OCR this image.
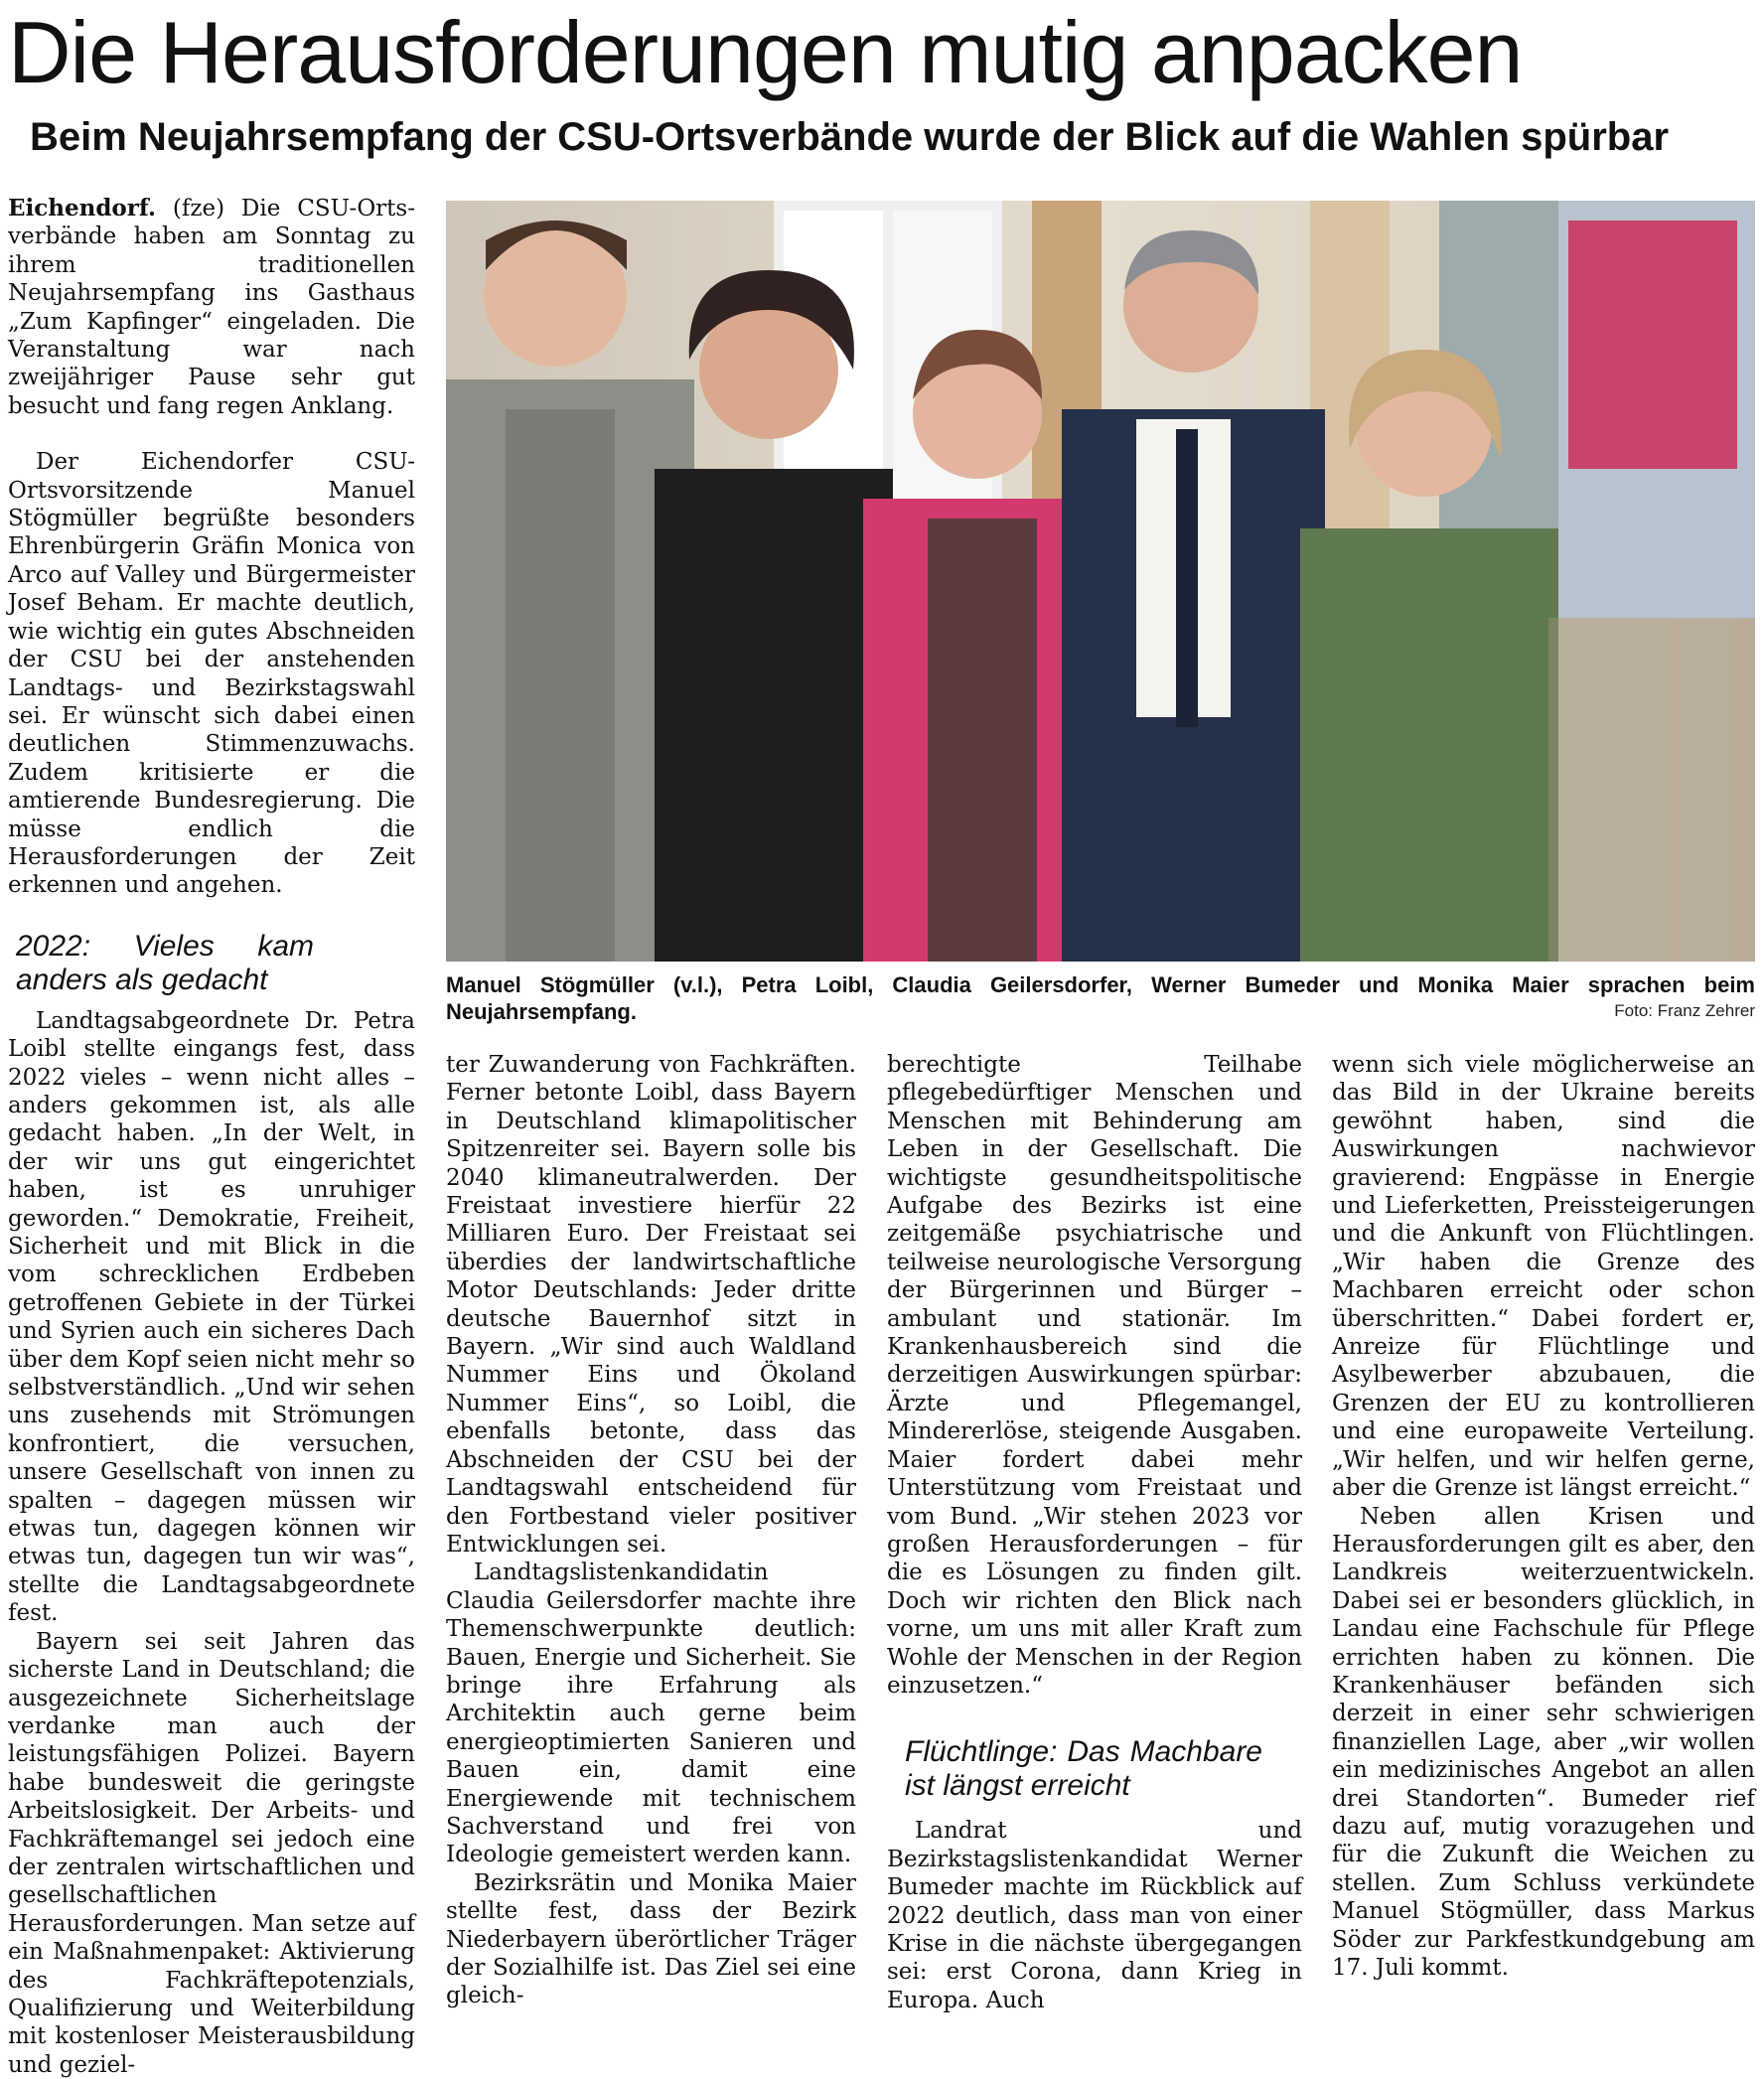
Die Herausforderungen mutig anpacken
Beim Neujahrsempfang der CSU-Ortsverbände wurde der Blick auf die Wahlen spürbar

Eichendorf. (fze) Die CSU-Ortsverbände haben am Sonntag zu ihrem traditionellen Neujahrsempfang ins Gasthaus „Zum Kapfinger“ eingeladen. Die Veranstaltung war nach zweijähriger Pause sehr gut besucht und fang regen Anklang.

Der Eichendorfer CSU-Ortsvorsitzende Manuel Stögmüller begrüßte besonders Ehrenbürgerin Gräfin Monica von Arco auf Valley und Bürgermeister Josef Beham. Er machte deutlich, wie wichtig ein gutes Abschneiden der CSU bei der anstehenden Landtags- und Bezirkstagswahl sei. Er wünscht sich dabei einen deutlichen Stimmenzuwachs. Zudem kritisierte er die amtierende Bundesregierung. Die müsse endlich die Herausforderungen der Zeit erkennen und angehen.

2022: Vieles kam anders als gedacht

Landtagsabgeordnete Dr. Petra Loibl stellte eingangs fest, dass 2022 vieles – wenn nicht alles – anders gekommen ist, als alle gedacht haben. „In der Welt, in der wir uns gut eingerichtet haben, ist es unruhiger geworden.“ Demokratie, Freiheit, Sicherheit und mit Blick in die vom schrecklichen Erdbeben getroffenen Gebiete in der Türkei und Syrien auch ein sicheres Dach über dem Kopf seien nicht mehr so selbstverständlich. „Und wir sehen uns zusehends mit Strömungen konfrontiert, die versuchen, unsere Gesellschaft von innen zu spalten – dagegen müssen wir etwas tun, dagegen können wir etwas tun, dagegen tun wir was“, stellte die Landtagsabgeordnete fest.

Bayern sei seit Jahren das sicherste Land in Deutschland; die ausgezeichnete Sicherheitslage verdanke man auch der leistungsfähigen Polizei. Bayern habe bundesweit die geringste Arbeitslosigkeit. Der Arbeits- und Fachkräftemangel sei jedoch eine der zentralen wirtschaftlichen und gesellschaftlichen Herausforderungen. Man setze auf ein Maßnahmenpaket: Aktivierung des Fachkräftepotenzials, Qualifizierung und Weiterbildung mit kostenloser Meisterausbildung und geziel-

Manuel Stögmüller (v.l.), Petra Loibl, Claudia Geilersdorfer, Werner Bumeder und Monika Maier sprachen beim Neujahrsempfang.	Foto: Franz Zehrer

ter Zuwanderung von Fachkräften. Ferner betonte Loibl, dass Bayern in Deutschland klimapolitischer Spitzenreiter sei. Bayern solle bis 2040 klimaneutralwerden. Der Freistaat investiere hierfür 22 Milliaren Euro. Der Freistaat sei überdies der landwirtschaftliche Motor Deutschlands: Jeder dritte deutsche Bauernhof sitzt in Bayern. „Wir sind auch Waldland Nummer Eins und Ökoland Nummer Eins“, so Loibl, die ebenfalls betonte, dass das Abschneiden der CSU bei der Landtagswahl entscheidend für den Fortbestand vieler positiver Entwicklungen sei.

Landtagslistenkandidatin Claudia Geilersdorfer machte ihre Themenschwerpunkte deutlich: Bauen, Energie und Sicherheit. Sie bringe ihre Erfahrung als Architektin auch gerne beim energieoptimierten Sanieren und Bauen ein, damit eine Energiewende mit technischem Sachverstand und frei von Ideologie gemeistert werden kann.

Bezirksrätin und Monika Maier stellte fest, dass der Bezirk Niederbayern überörtlicher Träger der Sozialhilfe ist. Das Ziel sei eine gleich-

berechtigte Teilhabe pflegebedürftiger Menschen und Menschen mit Behinderung am Leben in der Gesellschaft. Die wichtigste gesundheitspolitische Aufgabe des Bezirks ist eine zeitgemäße psychiatrische und teilweise neurologische Versorgung der Bürgerinnen und Bürger – ambulant und stationär. Im Krankenhausbereich sind die derzeitigen Auswirkungen spürbar: Ärzte und Pflegemangel, Mindererlöse, steigende Ausgaben. Maier fordert dabei mehr Unterstützung vom Freistaat und vom Bund. „Wir stehen 2023 vor großen Herausforderungen – für die es Lösungen zu finden gilt. Doch wir richten den Blick nach vorne, um uns mit aller Kraft zum Wohle der Menschen in der Region einzusetzen.“

Flüchtlinge: Das Machbare ist längst erreicht

Landrat und Bezirkstagslistenkandidat Werner Bumeder machte im Rückblick auf 2022 deutlich, dass man von einer Krise in die nächste übergegangen sei: erst Corona, dann Krieg in Europa. Auch

wenn sich viele möglicherweise an das Bild in der Ukraine bereits gewöhnt haben, sind die Auswirkungen nachwievor gravierend: Engpässe in Energie und Lieferketten, Preissteigerungen und die Ankunft von Flüchtlingen. „Wir haben die Grenze des Machbaren erreicht oder schon überschritten.“ Dabei fordert er, Anreize für Flüchtlinge und Asylbewerber abzubauen, die Grenzen der EU zu kontrollieren und eine europaweite Verteilung. „Wir helfen, und wir helfen gerne, aber die Grenze ist längst erreicht.“

Neben allen Krisen und Herausforderungen gilt es aber, den Landkreis weiterzuentwickeln. Dabei sei er besonders glücklich, in Landau eine Fachschule für Pflege errichten haben zu können. Die Krankenhäuser befänden sich derzeit in einer sehr schwierigen finanziellen Lage, aber „wir wollen ein medizinisches Angebot an allen drei Standorten“. Bumeder rief dazu auf, mutig vorazugehen und für die Zukunft die Weichen zu stellen. Zum Schluss verkündete Manuel Stögmüller, dass Markus Söder zur Parkfestkundgebung am 17. Juli kommt.
